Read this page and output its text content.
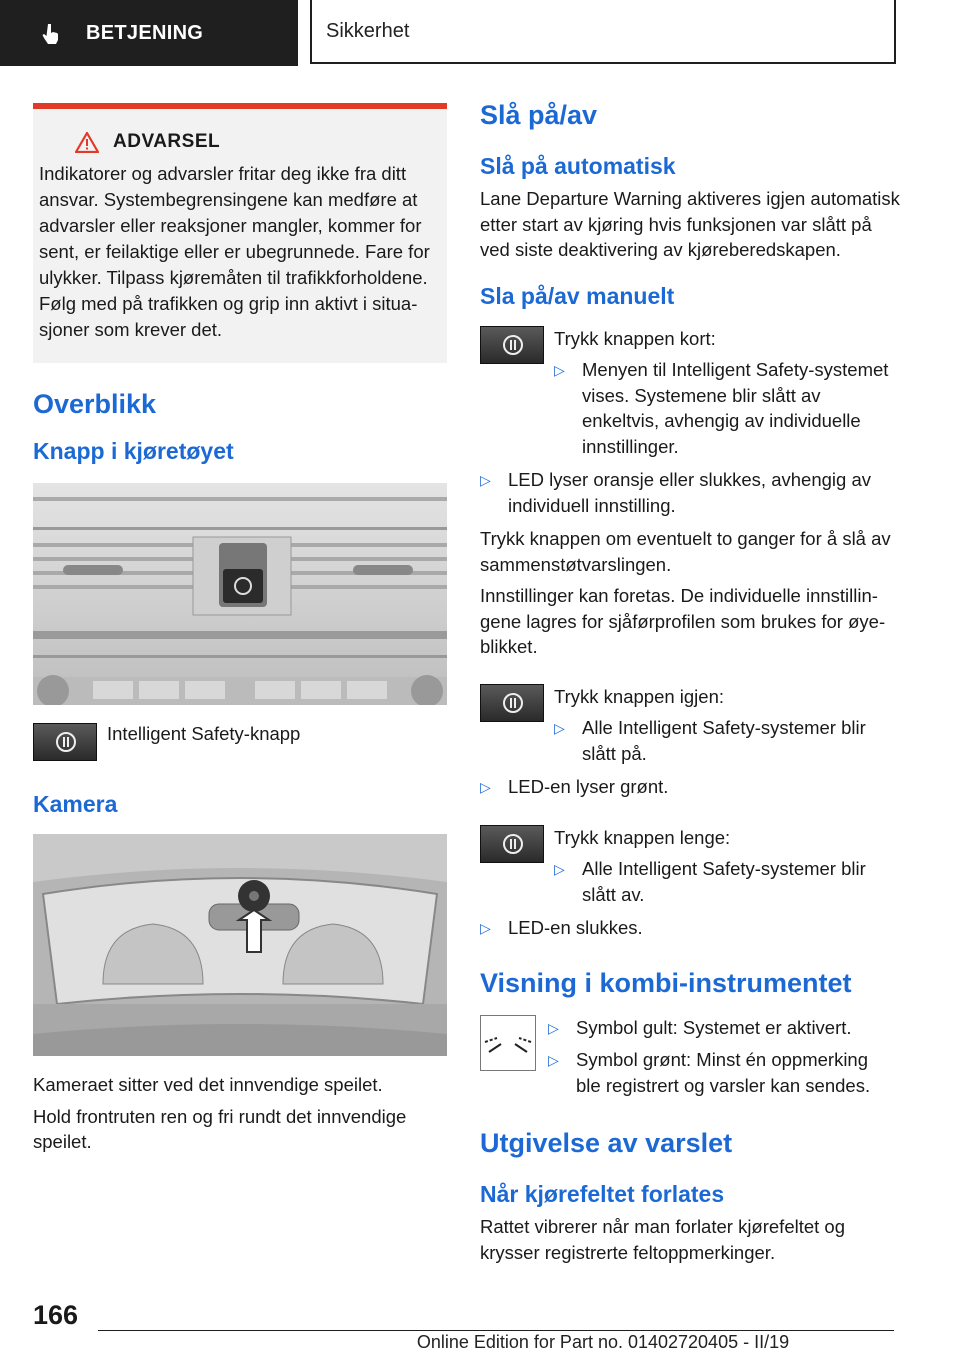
BETJENING	Sikkerhet
ADVARSEL
Indikatorer og advarsler fritar deg ikke fra ditt ansvar. Systembegrensingene kan medføre at advarsler eller reaksjoner mangler, kommer for sent, er feilaktige eller er ubegrunnede. Fare for ulykker. Tilpass kjøremåten til trafikkforholdene. Følg med på trafikken og grip inn aktivt i situasjoner som krever det.
Overblikk
Knapp i kjøretøyet

Intelligent Safety-knapp

Kamera

Kameraet sitter ved det innvendige speilet.

Hold frontruten ren og fri rundt det innvendige speilet.

Slå på/av
Slå på automatisk

Lane Departure Warning aktiveres igjen automatisk etter start av kjøring hvis funksjonen var slått på ved siste deaktivering av kjøreberedskapen.

Sla på/av manuelt

Trykk knappen kort:

▷ Menyen til Intelligent Safety-systemet vises. Systemene blir slått av enkeltvis, avhengig av individuelle innstillinger.
▷ LED lyser oransje eller slukkes, avhengig av individuell innstilling.

Trykk knappen om eventuelt to ganger for å slå av sammenstøtvarslingen.

Innstillinger kan foretas. De individuelle innstillingene lagres for sjåførprofilen som brukes for øyeblikket.

Trykk knappen igjen:

▷ Alle Intelligent Safety-systemer blir slått på.
▷ LED-en lyser grønt.

Trykk knappen lenge:

▷ Alle Intelligent Safety-systemer blir slått av.
▷ LED-en slukkes.
Visning i kombi-instrumentet
▷ Symbol gult: Systemet er aktivert.
▷ Symbol grønt: Minst én oppmerking ble registrert og varsler kan sendes.
Utgivelse av varslet
Når kjørefeltet forlates

Rattet vibrerer når man forlater kjørefeltet og krysser registrerte feltoppmerkinger.

166
Online Edition for Part no. 01402720405 - II/19
